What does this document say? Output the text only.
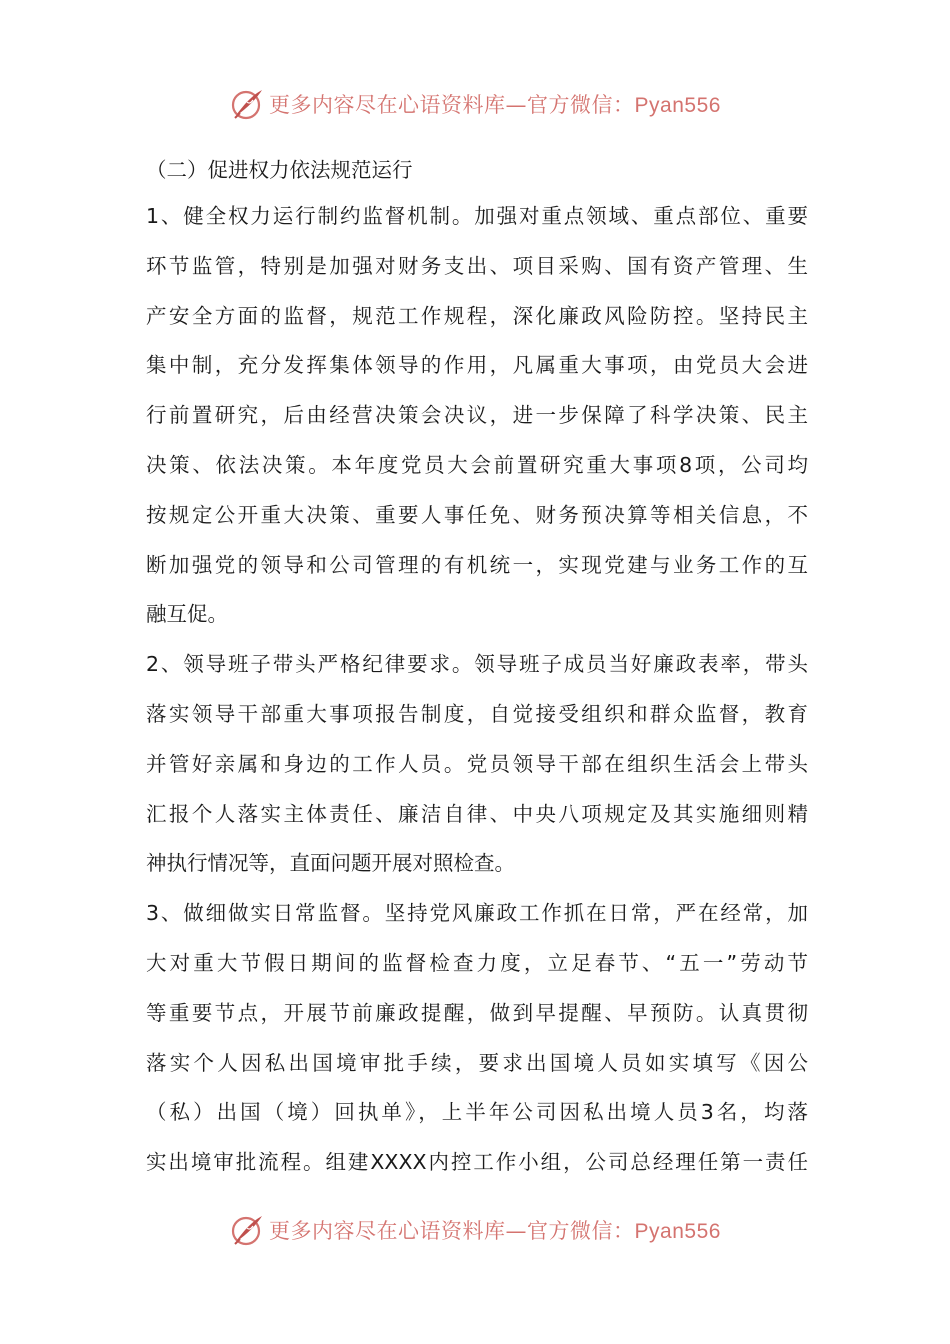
更多内容尽在心语资料库—官方微信：Pyan556
（二）促进权力依法规范运行
1、健全权力运行制约监督机制。加强对重点领域、重点部位、重要
环节监管，特别是加强对财务支出、项目采购、国有资产管理、生
产安全方面的监督，规范工作规程，深化廉政风险防控。坚持民主
集中制，充分发挥集体领导的作用，凡属重大事项，由党员大会进
行前置研究，后由经营决策会决议，进一步保障了科学决策、民主
决策、依法决策。本年度党员大会前置研究重大事项8项，公司均
按规定公开重大决策、重要人事任免、财务预决算等相关信息，不
断加强党的领导和公司管理的有机统一，实现党建与业务工作的互
融互促。
2、领导班子带头严格纪律要求。领导班子成员当好廉政表率，带头
落实领导干部重大事项报告制度，自觉接受组织和群众监督，教育
并管好亲属和身边的工作人员。党员领导干部在组织生活会上带头
汇报个人落实主体责任、廉洁自律、中央八项规定及其实施细则精
神执行情况等，直面问题开展对照检查。
3、做细做实日常监督。坚持党风廉政工作抓在日常，严在经常，加
大对重大节假日期间的监督检查力度，立足春节、“五一”劳动节
等重要节点，开展节前廉政提醒，做到早提醒、早预防。认真贯彻
落实个人因私出国境审批手续，要求出国境人员如实填写《因公
（私）出国（境）回执单》，上半年公司因私出境人员3名，均落
实出境审批流程。组建XXXX内控工作小组，公司总经理任第一责任
更多内容尽在心语资料库—官方微信：Pyan556
